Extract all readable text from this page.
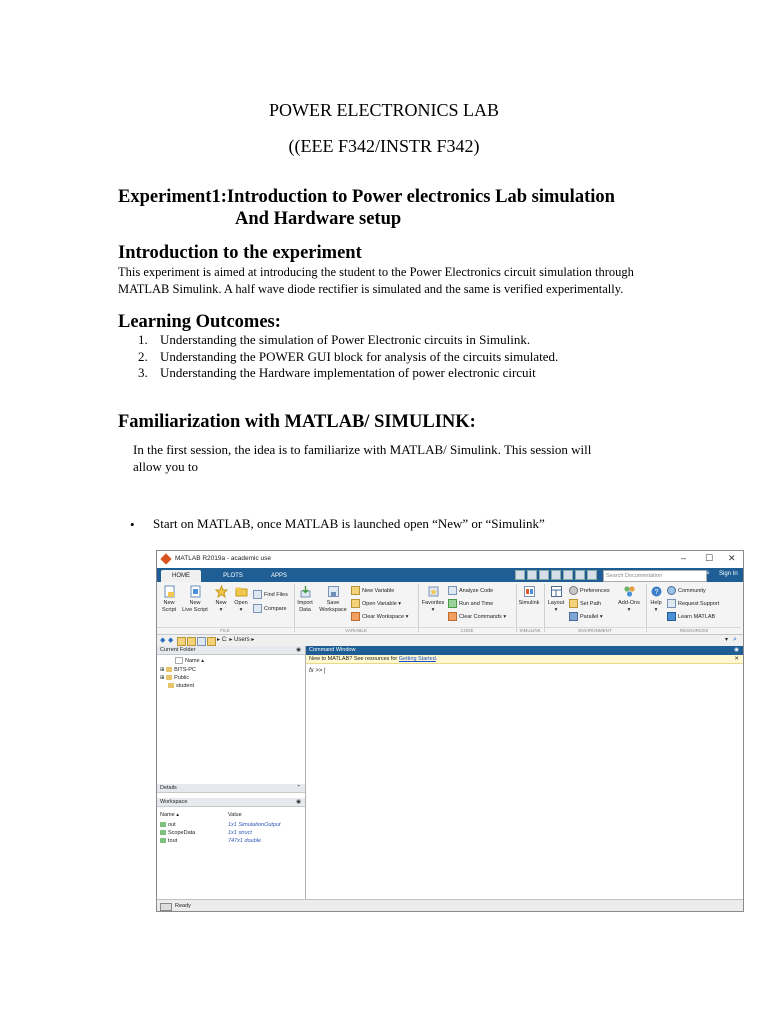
POWER ELECTRONICS LAB
((EEE F342/INSTR F342)
Experiment1:Introduction to Power electronics Lab simulation
And Hardware setup
Introduction to the experiment
This experiment is aimed at introducing the student to the Power Electronics circuit simulation through
MATLAB Simulink. A half wave diode rectifier is simulated and the same is verified experimentally.
Learning Outcomes:
1. Understanding the simulation of Power Electronic circuits in Simulink.
2. Understanding the POWER GUI block for analysis of the circuits simulated.
3. Understanding the Hardware implementation of power electronic circuit
Familiarization with MATLAB/ SIMULINK:
In the first session, the idea is to familiarize with MATLAB/ Simulink. This session will
allow you to
• Start on MATLAB, once MATLAB is launched open “New” or “Simulink”
MATLAB R2019a - academic use	– ☐ ✕
HOME	PLOTS	APPS	Search Documentation	⌕ Sign In
New
Script
New
Live Script
New
▾
Open
▾
Find Files
Compare
FILE
Import
Data
Save
Workspace
New Variable
Open Variable ▾
Clear Workspace ▾
VARIABLE
Favorites
▾
Analyze Code
Run and Time
Clear Commands ▾
CODE
Simulink
SIMULINK
Layout
▾
Preferences
Set Path
Parallel ▾
Add-Ons
▾
ENVIRONMENT
?
Help
▾
Community
Request Support
Learn MATLAB
RESOURCES
◆ ◆	▸ C: ▸ Users ▸	▾ ⌕
Current Folder	◉
Name ▴
⊞ BITS-PC
⊞ Public
student
Details	⌃
Workspace	◉
Name ▴	Value
out	1x1 SimulationOutput
ScopeData	1x1 struct
tout	747x1 double
Command Window	◉
New to MATLAB? See resources for Getting Started.	✕
fx >> |
Ready
